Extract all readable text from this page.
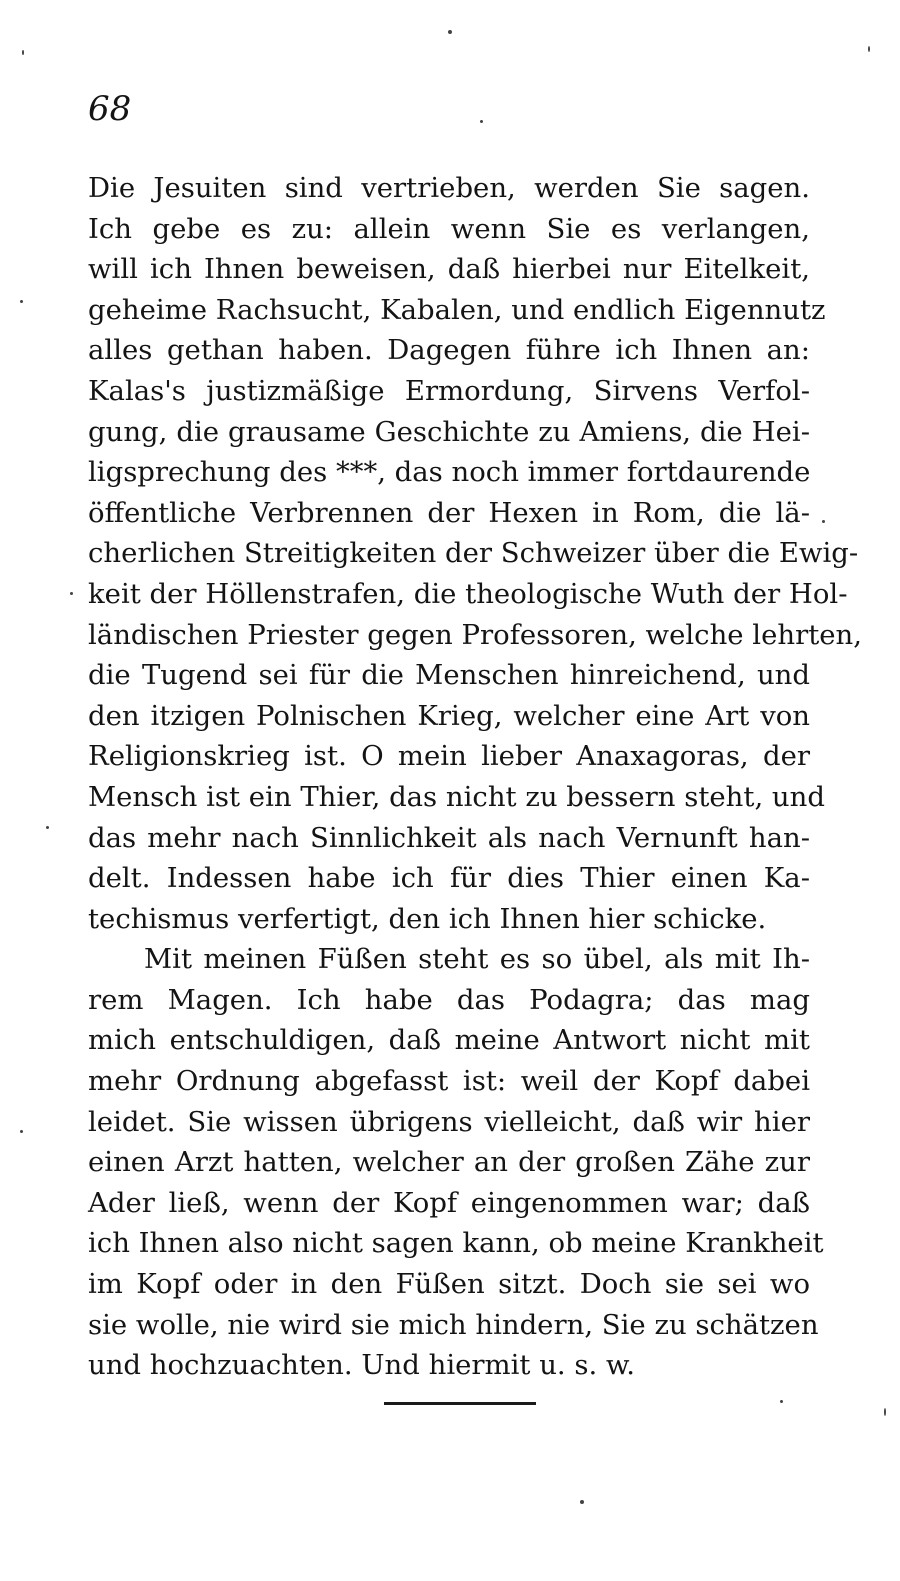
68
Die Jesuiten sind vertrieben, werden Sie sagen.
Ich gebe es zu: allein wenn Sie es verlangen,
will ich Ihnen beweisen, daß hierbei nur Eitelkeit,
geheime Rachsucht, Kabalen, und endlich Eigennutz
alles gethan haben. Dagegen führe ich Ihnen an:
Kalas's justizmäßige Ermordung, Sirvens Verfol-
gung, die grausame Geschichte zu Amiens, die Hei-
ligsprechung des ***, das noch immer fortdaurende
öffentliche Verbrennen der Hexen in Rom, die lä-
cherlichen Streitigkeiten der Schweizer über die Ewig-
keit der Höllenstrafen, die theologische Wuth der Hol-
ländischen Priester gegen Professoren, welche lehrten,
die Tugend sei für die Menschen hinreichend, und
den itzigen Polnischen Krieg, welcher eine Art von
Religionskrieg ist. O mein lieber Anaxagoras, der
Mensch ist ein Thier, das nicht zu bessern steht, und
das mehr nach Sinnlichkeit als nach Vernunft han-
delt. Indessen habe ich für dies Thier einen Ka-
techismus verfertigt, den ich Ihnen hier schicke.
Mit meinen Füßen steht es so übel, als mit Ih-
rem Magen. Ich habe das Podagra; das mag
mich entschuldigen, daß meine Antwort nicht mit
mehr Ordnung abgefasst ist: weil der Kopf dabei
leidet. Sie wissen übrigens vielleicht, daß wir hier
einen Arzt hatten, welcher an der großen Zähe zur
Ader ließ, wenn der Kopf eingenommen war; daß
ich Ihnen also nicht sagen kann, ob meine Krankheit
im Kopf oder in den Füßen sitzt. Doch sie sei wo
sie wolle, nie wird sie mich hindern, Sie zu schätzen
und hochzuachten. Und hiermit u. s. w.
